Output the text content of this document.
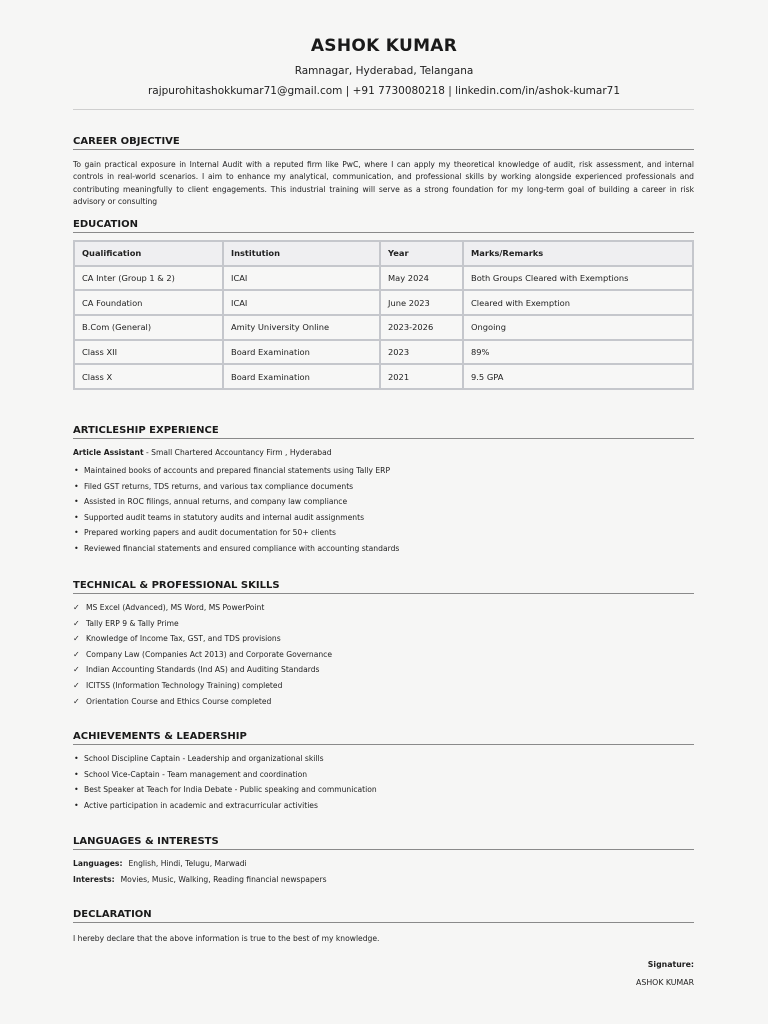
ASHOK KUMAR
Ramnagar, Hyderabad, Telangana
rajpurohitashokkumar71@gmail.com | +91 7730080218 | linkedin.com/in/ashok-kumar71
CAREER OBJECTIVE
To gain practical exposure in Internal Audit with a reputed firm like PwC, where I can apply my theoretical knowledge of audit, risk assessment, and internal controls in real-world scenarios. I aim to enhance my analytical, communication, and professional skills by working alongside experienced professionals and contributing meaningfully to client engagements. This industrial training will serve as a strong foundation for my long-term goal of building a career in risk advisory or consulting
EDUCATION
Qualification	Institution	Year	Marks/Remarks
CA Inter (Group 1 & 2)	ICAI	May 2024	Both Groups Cleared with Exemptions
CA Foundation	ICAI	June 2023	Cleared with Exemption
B.Com (General)	Amity University Online	2023-2026	Ongoing
Class XII	Board Examination	2023	89%
Class X	Board Examination	2021	9.5 GPA
ARTICLESHIP EXPERIENCE
Article Assistant - Small Chartered Accountancy Firm , Hyderabad
• Maintained books of accounts and prepared financial statements using Tally ERP
• Filed GST returns, TDS returns, and various tax compliance documents
• Assisted in ROC filings, annual returns, and company law compliance
• Supported audit teams in statutory audits and internal audit assignments
• Prepared working papers and audit documentation for 50+ clients
• Reviewed financial statements and ensured compliance with accounting standards
TECHNICAL & PROFESSIONAL SKILLS
✓ MS Excel (Advanced), MS Word, MS PowerPoint
✓ Tally ERP 9 & Tally Prime
✓ Knowledge of Income Tax, GST, and TDS provisions
✓ Company Law (Companies Act 2013) and Corporate Governance
✓ Indian Accounting Standards (Ind AS) and Auditing Standards
✓ ICITSS (Information Technology Training) completed
✓ Orientation Course and Ethics Course completed
ACHIEVEMENTS & LEADERSHIP
• School Discipline Captain - Leadership and organizational skills
• School Vice-Captain - Team management and coordination
• Best Speaker at Teach for India Debate - Public speaking and communication
• Active participation in academic and extracurricular activities
LANGUAGES & INTERESTS
Languages: English, Hindi, Telugu, Marwadi
Interests: Movies, Music, Walking, Reading financial newspapers
DECLARATION
I hereby declare that the above information is true to the best of my knowledge.
Signature:
ASHOK KUMAR
